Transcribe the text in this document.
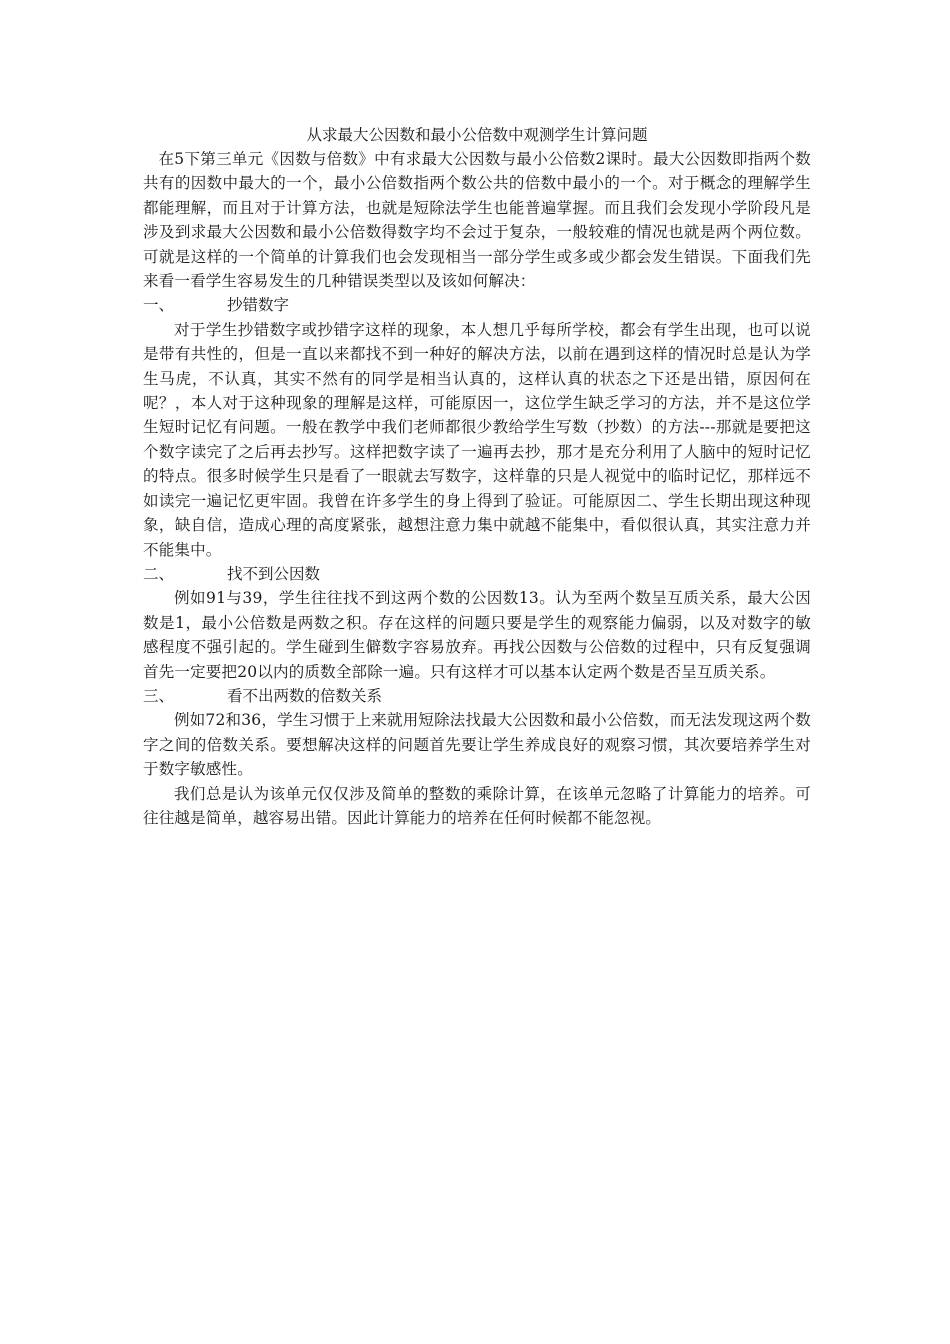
从求最大公因数和最小公倍数中观测学生计算问题

在5下第三单元《因数与倍数》中有求最大公因数与最小公倍数2课时。最大公因数即指两个数共有的因数中最大的一个，最小公倍数指两个数公共的倍数中最小的一个。对于概念的理解学生都能理解，而且对于计算方法，也就是短除法学生也能普遍掌握。而且我们会发现小学阶段凡是涉及到求最大公因数和最小公倍数得数字均不会过于复杂，一般较难的情况也就是两个两位数。可就是这样的一个简单的计算我们也会发现相当一部分学生或多或少都会发生错误。下面我们先来看一看学生容易发生的几种错误类型以及该如何解决：

一、	抄错数字

对于学生抄错数字或抄错字这样的现象，本人想几乎每所学校，都会有学生出现，也可以说是带有共性的，但是一直以来都找不到一种好的解决方法，以前在遇到这样的情况时总是认为学生马虎，不认真，其实不然有的同学是相当认真的，这样认真的状态之下还是出错，原因何在呢？，本人对于这种现象的理解是这样，可能原因一，这位学生缺乏学习的方法，并不是这位学生短时记忆有问题。一般在教学中我们老师都很少教给学生写数（抄数）的方法---那就是要把这个数字读完了之后再去抄写。这样把数字读了一遍再去抄，那才是充分利用了人脑中的短时记忆的特点。很多时候学生只是看了一眼就去写数字，这样靠的只是人视觉中的临时记忆，那样远不如读完一遍记忆更牢固。我曾在许多学生的身上得到了验证。可能原因二、学生长期出现这种现象，缺自信，造成心理的高度紧张，越想注意力集中就越不能集中，看似很认真，其实注意力并不能集中。

二、	找不到公因数

例如91与39，学生往往找不到这两个数的公因数13。认为至两个数呈互质关系，最大公因数是1，最小公倍数是两数之积。存在这样的问题只要是学生的观察能力偏弱，以及对数字的敏感程度不强引起的。学生碰到生僻数字容易放弃。再找公因数与公倍数的过程中，只有反复强调首先一定要把20以内的质数全部除一遍。只有这样才可以基本认定两个数是否呈互质关系。

三、	看不出两数的倍数关系

例如72和36，学生习惯于上来就用短除法找最大公因数和最小公倍数，而无法发现这两个数字之间的倍数关系。要想解决这样的问题首先要让学生养成良好的观察习惯，其次要培养学生对于数字敏感性。

我们总是认为该单元仅仅涉及简单的整数的乘除计算，在该单元忽略了计算能力的培养。可往往越是简单，越容易出错。因此计算能力的培养在任何时候都不能忽视。
